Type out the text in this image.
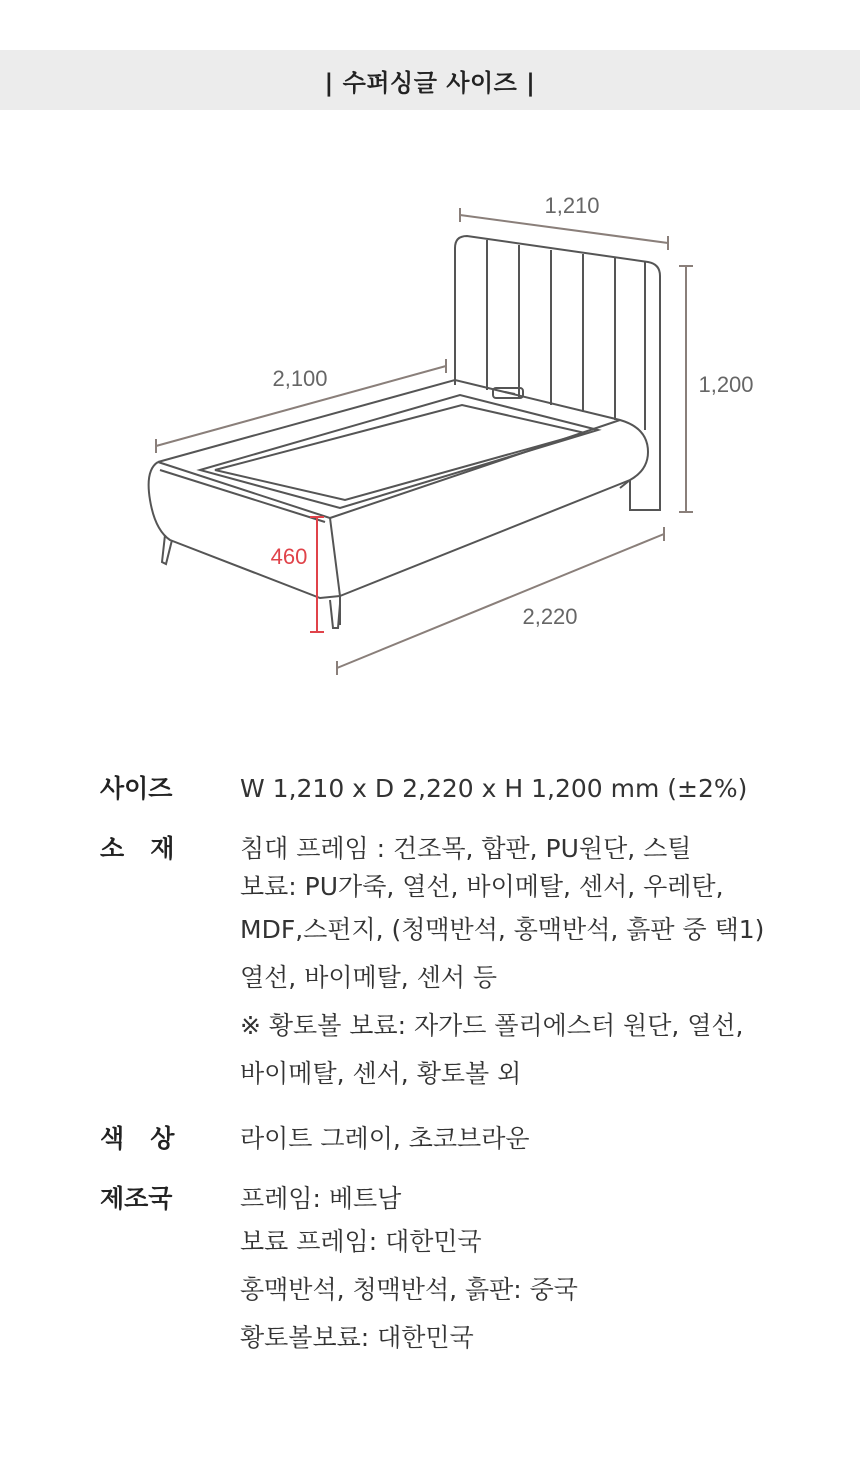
| 수퍼싱글 사이즈 |
1,210
1,200
2,100
2,220
460
사이즈	W 1,210 x D 2,220 x H 1,200 mm (±2%)
소   재	침대 프레임 : 건조목, 합판, PU원단, 스틸
보료: PU가죽, 열선, 바이메탈, 센서, 우레탄,
MDF,스펀지, (청맥반석, 홍맥반석, 흙판 중 택1)
열선, 바이메탈, 센서 등
※ 황토볼 보료: 자가드 폴리에스터 원단, 열선,
바이메탈, 센서, 황토볼 외
색   상	라이트 그레이, 초코브라운
제조국	프레임: 베트남
보료 프레임: 대한민국
홍맥반석, 청맥반석, 흙판: 중국
황토볼보료: 대한민국
